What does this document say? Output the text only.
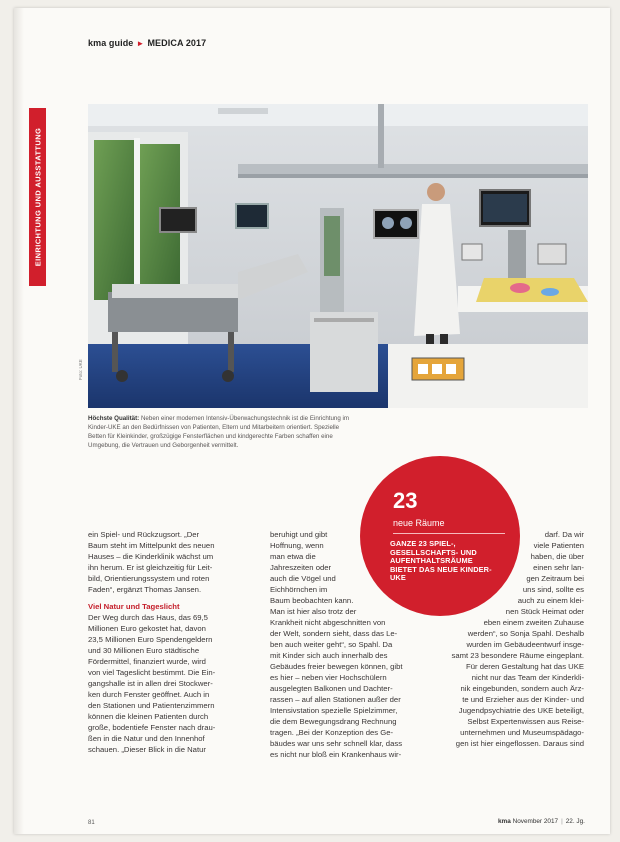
kma guide ► MEDICA 2017
EINRICHTUNG UND AUSSTATTUNG
Foto: UKE
Höchste Qualität: Neben einer modernen Intensiv-Überwachungstechnik ist die Einrichtung im Kinder-UKE an den Bedürfnissen von Patienten, Eltern und Mitarbeitern orientiert. Spezielle Betten für Kleinkinder, großzügige Fensterflächen und kindgerechte Farben schaffen eine Umgebung, die Vertrauen und Geborgenheit vermittelt.
23
neue Räume
GANZE 23 SPIEL-, GESELLSCHAFTS- UND AUFENTHALTSRÄUME BIETET DAS NEUE KINDER-UKE
ein Spiel- und Rückzugsort. „Der
Baum steht im Mittelpunkt des neuen
Hauses – die Kinderklinik wächst um
ihn herum. Er ist gleichzeitig für Leit-
bild, Orientierungssystem und roten
Faden“, ergänzt Thomas Jansen.

Viel Natur und Tageslicht

Der Weg durch das Haus, das 69,5
Millionen Euro gekostet hat, davon
23,5 Millionen Euro Spendengeldern
und 30 Millionen Euro städtische
Fördermittel, finanziert wurde, wird
von viel Tageslicht bestimmt. Die Ein-
gangshalle ist in allen drei Stockwer-
ken durch Fenster geöffnet. Auch in
den Stationen und Patientenzimmern
können die kleinen Patienten durch
große, bodentiefe Fenster nach drau-
ßen in die Natur und den Innenhof
schauen. „Dieser Blick in die Natur
beruhigt und gibt
Hoffnung, wenn
man etwa die
Jahreszeiten oder
auch die Vögel und
Eichhörnchen im
Baum beobachten kann.
Man ist hier also trotz der
Krankheit nicht abgeschnitten von
der Welt, sondern sieht, dass das Le-
ben auch weiter geht“, so Spahl. Da
mit Kinder sich auch innerhalb des
Gebäudes freier bewegen können, gibt
es hier – neben vier Hochschülern
ausgelegten Balkonen und Dachter-
rassen – auf allen Stationen außer der
Intensivstation spezielle Spielzimmer,
die dem Bewegungsdrang Rechnung
tragen. „Bei der Konzeption des Ge-
bäudes war uns sehr schnell klar, dass
es nicht nur bloß ein Krankenhaus wir-
darf. Da wir
viele Patienten
haben, die über
einen sehr lan-
gen Zeitraum bei
uns sind, sollte es
auch zu einem klei-
nen Stück Heimat oder
eben einem zweiten Zuhause
werden“, so Sonja Spahl. Deshalb
wurden im Gebäudeentwurf insge-
samt 23 besondere Räume eingeplant.
Für deren Gestaltung hat das UKE
nicht nur das Team der Kinderkli-
nik eingebunden, sondern auch Ärz-
te und Erzieher aus der Kinder- und
Jugendpsychiatrie des UKE beteiligt,
Selbst Expertenwissen aus Reise-
unternehmen und Museumspädago-
gen ist hier eingeflossen. Daraus sind
81	kma November 2017 | 22. Jg.
